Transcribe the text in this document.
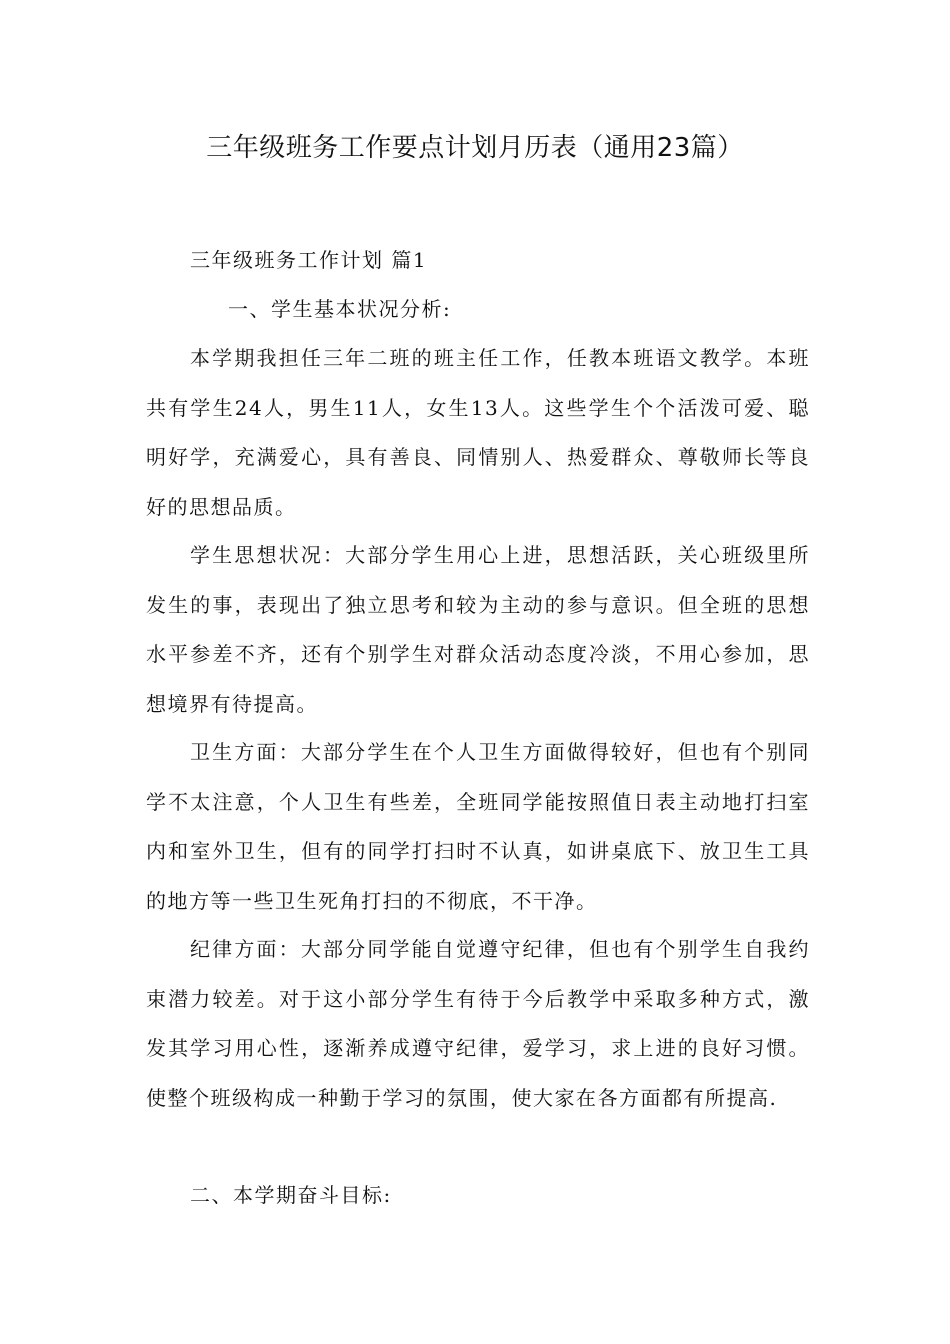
三年级班务工作要点计划月历表（通用23篇）
三年级班务工作计划 篇1
一、学生基本状况分析:
本学期我担任三年二班的班主任工作，任教本班语文教学。本班共有学生24人，男生11人，女生13人。这些学生个个活泼可爱、聪明好学，充满爱心，具有善良、同情别人、热爱群众、尊敬师长等良好的思想品质。
学生思想状况：大部分学生用心上进，思想活跃，关心班级里所发生的事，表现出了独立思考和较为主动的参与意识。但全班的思想水平参差不齐，还有个别学生对群众活动态度冷淡，不用心参加，思想境界有待提高。
卫生方面：大部分学生在个人卫生方面做得较好，但也有个别同学不太注意，个人卫生有些差，全班同学能按照值日表主动地打扫室内和室外卫生，但有的同学打扫时不认真，如讲桌底下、放卫生工具的地方等一些卫生死角打扫的不彻底，不干净。
纪律方面：大部分同学能自觉遵守纪律，但也有个别学生自我约束潜力较差。对于这小部分学生有待于今后教学中采取多种方式，激发其学习用心性，逐渐养成遵守纪律，爱学习，求上进的良好习惯。使整个班级构成一种勤于学习的氛围，使大家在各方面都有所提高.
二、本学期奋斗目标:
